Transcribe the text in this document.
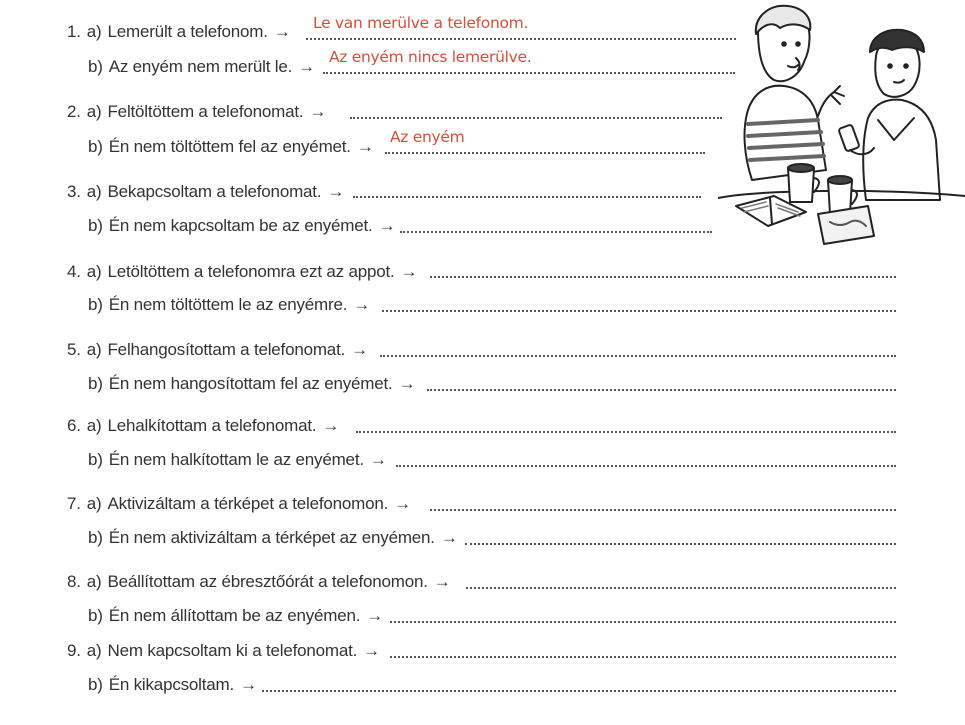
1. a) Lemerült a telefonom. → Le van merülve a telefonom.
b) Az enyém nem merült le. → Az enyém nincs lemerülve.
2. a) Feltöltöttem a telefonomat. →
b) Én nem töltöttem fel az enyémet. → Az enyém
3. a) Bekapcsoltam a telefonomat. →
b) Én nem kapcsoltam be az enyémet. →
4. a) Letöltöttem a telefonomra ezt az appot. →
b) Én nem töltöttem le az enyémre. →
5. a) Felhangosítottam a telefonomat. →
b) Én nem hangosítottam fel az enyémet. →
6. a) Lehalkítottam a telefonomat. →
b) Én nem halkítottam le az enyémet. →
7. a) Aktivizáltam a térképet a telefonomon. →
b) Én nem aktivizáltam a térképet az enyémen. →
8. a) Beállítottam az ébresztőórát a telefonomon. →
b) Én nem állítottam be az enyémen. →
9. a) Nem kapcsoltam ki a telefonomat. →
b) Én kikapcsoltam. →
